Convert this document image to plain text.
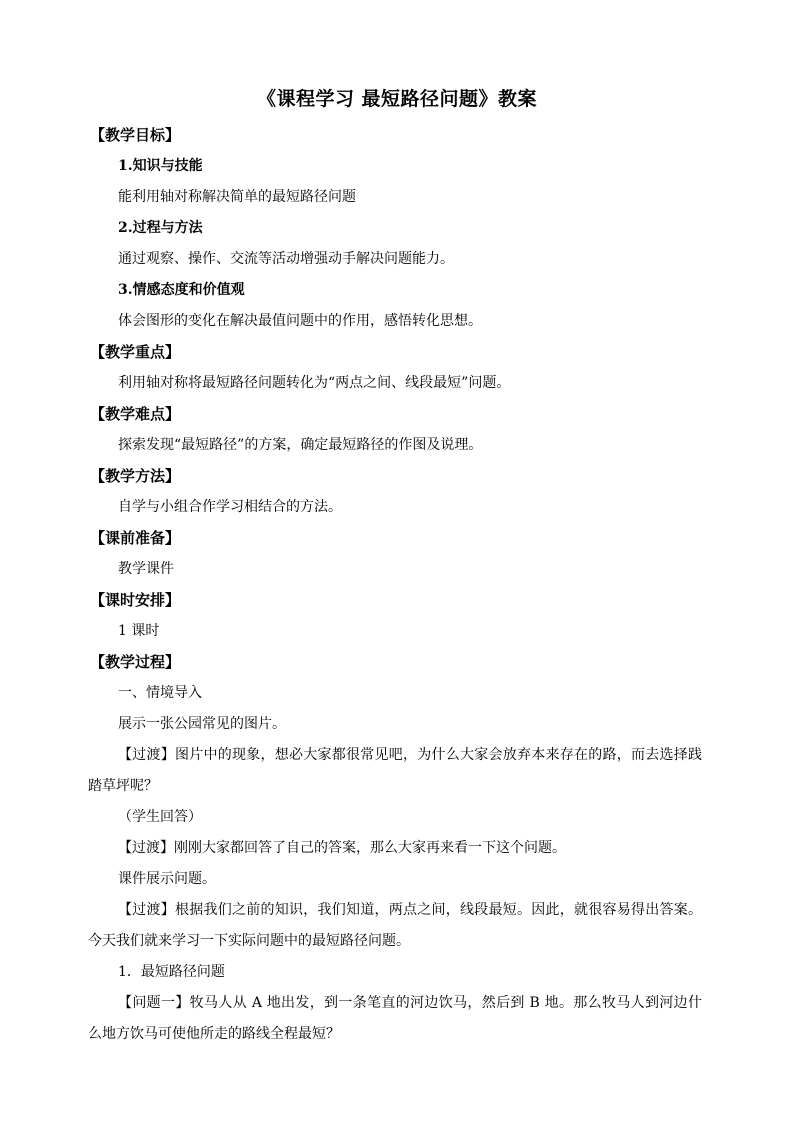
《课程学习 最短路径问题》教案
【教学目标】
1.知识与技能
能利用轴对称解决简单的最短路径问题
2.过程与方法
通过观察、操作、交流等活动增强动手解决问题能力。
3.情感态度和价值观
体会图形的变化在解决最值问题中的作用，感悟转化思想。
【教学重点】
利用轴对称将最短路径问题转化为“两点之间、线段最短”问题。
【教学难点】
探索发现“最短路径”的方案，确定最短路径的作图及说理。
【教学方法】
自学与小组合作学习相结合的方法。
【课前准备】
教学课件
【课时安排】
1 课时
【教学过程】
一、情境导入
展示一张公园常见的图片。
【过渡】图片中的现象，想必大家都很常见吧，为什么大家会放弃本来存在的路，而去选择践踏草坪呢？
（学生回答）
【过渡】刚刚大家都回答了自己的答案，那么大家再来看一下这个问题。
课件展示问题。
【过渡】根据我们之前的知识，我们知道，两点之间，线段最短。因此，就很容易得出答案。今天我们就来学习一下实际问题中的最短路径问题。
1．最短路径问题
【问题一】牧马人从 A 地出发，到一条笔直的河边饮马，然后到 B 地。那么牧马人到河边什么地方饮马可使他所走的路线全程最短？
